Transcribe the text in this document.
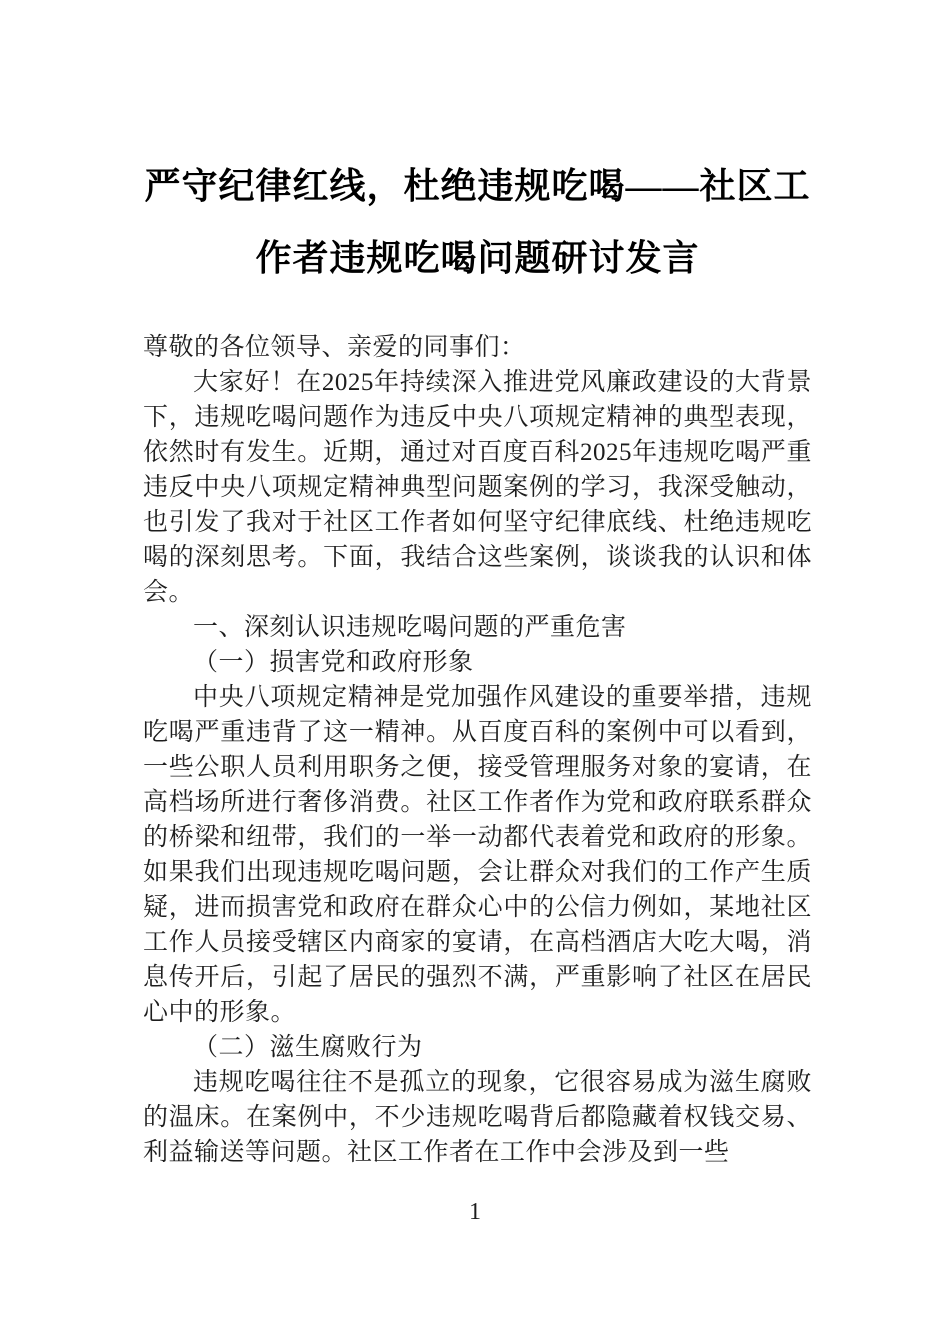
严守纪律红线，杜绝违规吃喝——社区工作者违规吃喝问题研讨发言

尊敬的各位领导、亲爱的同事们：

大家好！在2025年持续深入推进党风廉政建设的大背景下，违规吃喝问题作为违反中央八项规定精神的典型表现，依然时有发生。近期，通过对百度百科2025年违规吃喝严重违反中央八项规定精神典型问题案例的学习，我深受触动，也引发了我对于社区工作者如何坚守纪律底线、杜绝违规吃喝的深刻思考。下面，我结合这些案例，谈谈我的认识和体会。

一、深刻认识违规吃喝问题的严重危害

（一）损害党和政府形象

中央八项规定精神是党加强作风建设的重要举措，违规吃喝严重违背了这一精神。从百度百科的案例中可以看到，一些公职人员利用职务之便，接受管理服务对象的宴请，在高档场所进行奢侈消费。社区工作者作为党和政府联系群众的桥梁和纽带，我们的一举一动都代表着党和政府的形象。如果我们出现违规吃喝问题，会让群众对我们的工作产生质疑，进而损害党和政府在群众心中的公信力例如，某地社区工作人员接受辖区内商家的宴请，在高档酒店大吃大喝，消息传开后，引起了居民的强烈不满，严重影响了社区在居民心中的形象。

（二）滋生腐败行为

违规吃喝往往不是孤立的现象，它很容易成为滋生腐败的温床。在案例中，不少违规吃喝背后都隐藏着权钱交易、利益输送等问题。社区工作者在工作中会涉及到一些

1
